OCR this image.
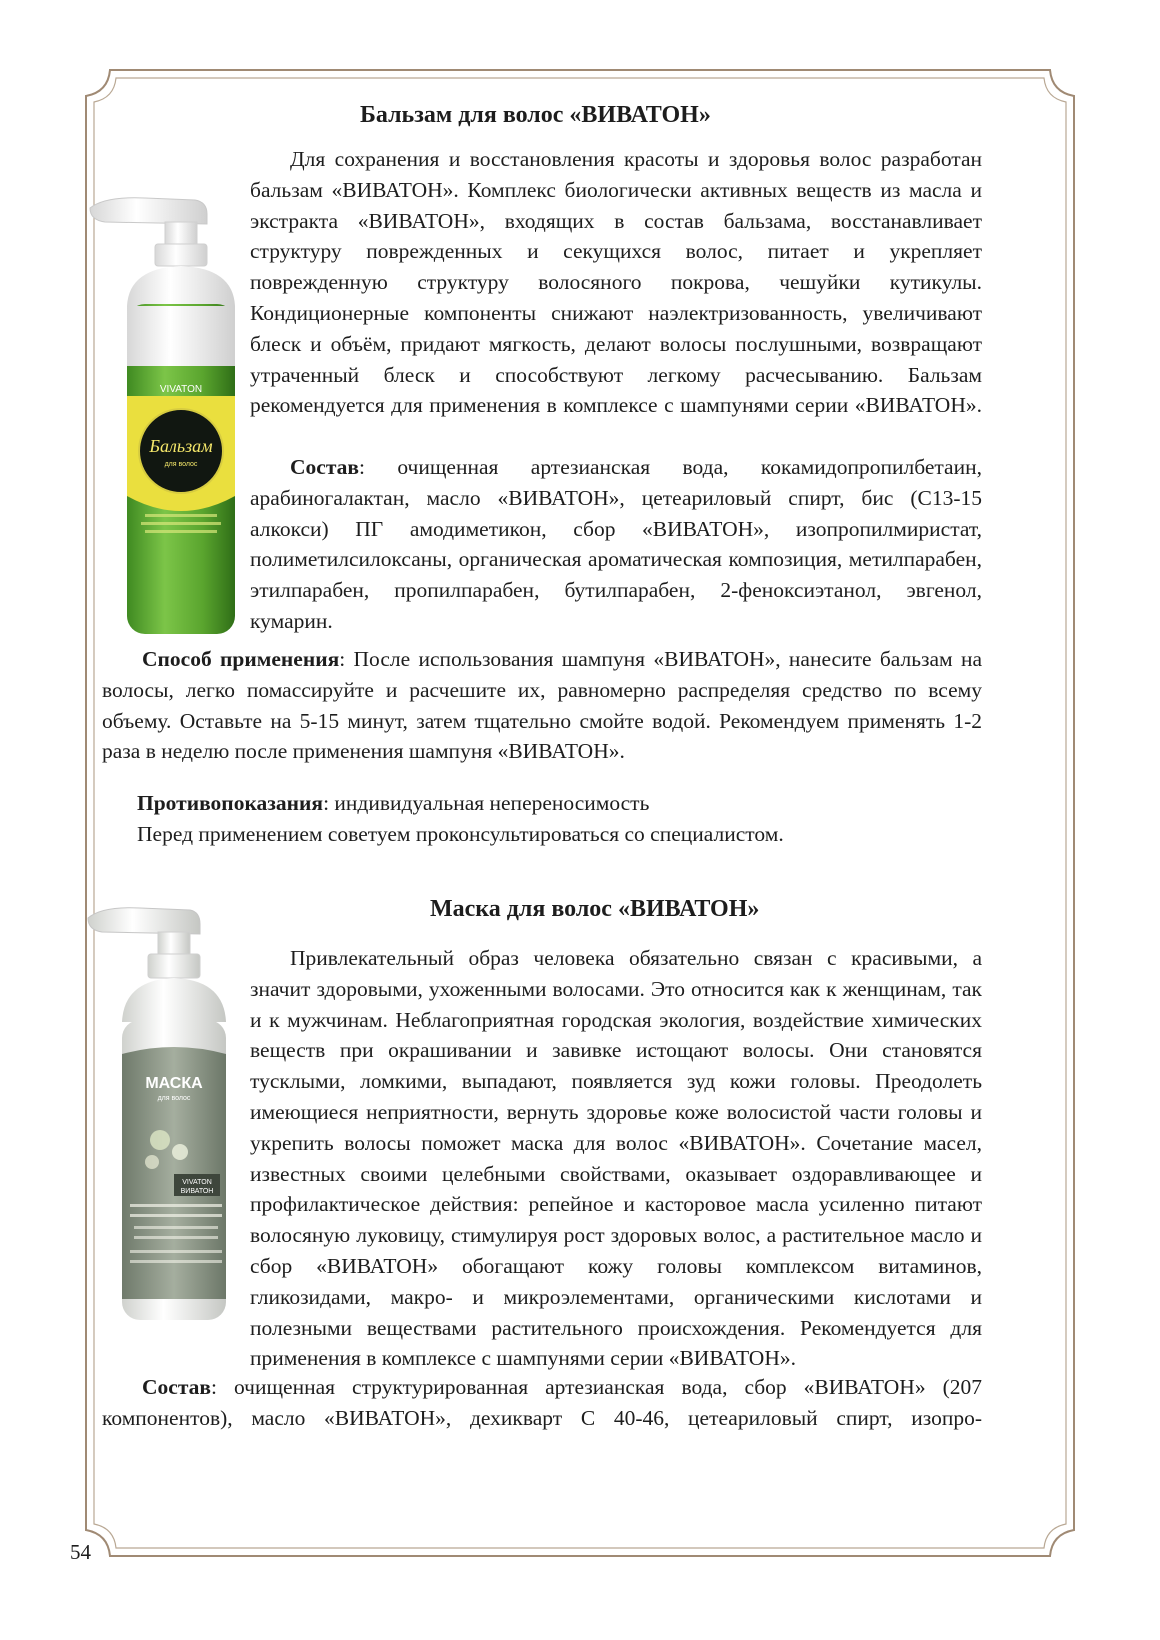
Бальзам для волос «ВИВАТОН»
VIVATON
Бальзам
для волос
Для сохранения и восстановления красоты и здоровья волос разработан бальзам «ВИВАТОН». Комплекс биологически активных веществ из масла и экстракта «ВИВАТОН», входящих в состав бальзама, восстанавливает структуру поврежденных и секущихся волос, питает и укрепляет поврежденную структуру волосяного покрова, чешуйки кутикулы. Кондиционерные компоненты снижают наэлектризованность, увеличивают блеск и объём, придают мягкость, делают волосы послушными, возвращают утраченный блеск и способствуют легкому расчесыванию. Бальзам рекомендуется для применения в комплексе с шампунями серии «ВИВАТОН».
Состав: очищенная артезианская вода, кокамидопропилбетаин, арабиногалактан, масло «ВИВАТОН», цетеариловый спирт, бис (С13-15 алкокси) ПГ амодиметикон, сбор «ВИВАТОН», изопропилмиристат, полиметилсилоксаны, органическая ароматическая композиция, метилпарабен, этилпарабен, пропилпарабен, бутилпарабен, 2-феноксиэтанол, эвгенол, кумарин.
Способ применения: После использования шампуня «ВИВАТОН», нанесите бальзам на волосы, легко помассируйте и расчешите их, равномерно распределяя средство по всему объему. Оставьте на 5-15 минут, затем тщательно смойте водой. Рекомендуем применять 1-2 раза в неделю после применения шампуня «ВИВАТОН».
Противопоказания: индивидуальная непереносимость
Перед применением советуем проконсультироваться со специалистом.
Маска для волос «ВИВАТОН»
МАСКА
для волос
VIVATON
ВИВАТОН
Привлекательный образ человека обязательно связан с красивыми, а значит здоровыми, ухоженными волосами. Это относится как к женщинам, так и к мужчинам. Неблагоприятная городская экология, воздействие химических веществ при окрашивании и завивке истощают волосы. Они становятся тусклыми, ломкими, выпадают, появляется зуд кожи головы. Преодолеть имеющиеся неприятности, вернуть здоровье коже волосистой части головы и укрепить волосы поможет маска для волос «ВИВАТОН». Сочетание масел, известных своими целебными свойствами, оказывает оздоравливающее и профилактическое действия: репейное и касторовое масла усиленно питают волосяную луковицу, стимулируя рост здоровых волос, а растительное масло и сбор «ВИВАТОН» обогащают кожу головы комплексом витаминов, гликозидами, макро- и микроэлементами, органическими кислотами и полезными веществами растительного происхождения. Рекомендуется для применения в комплексе с шампунями серии «ВИВАТОН».
Состав: очищенная структурированная артезианская вода, сбор «ВИВАТОН» (207 компонентов), масло «ВИВАТОН», дехикварт С 40-46, цетеариловый спирт, изопро-
54
